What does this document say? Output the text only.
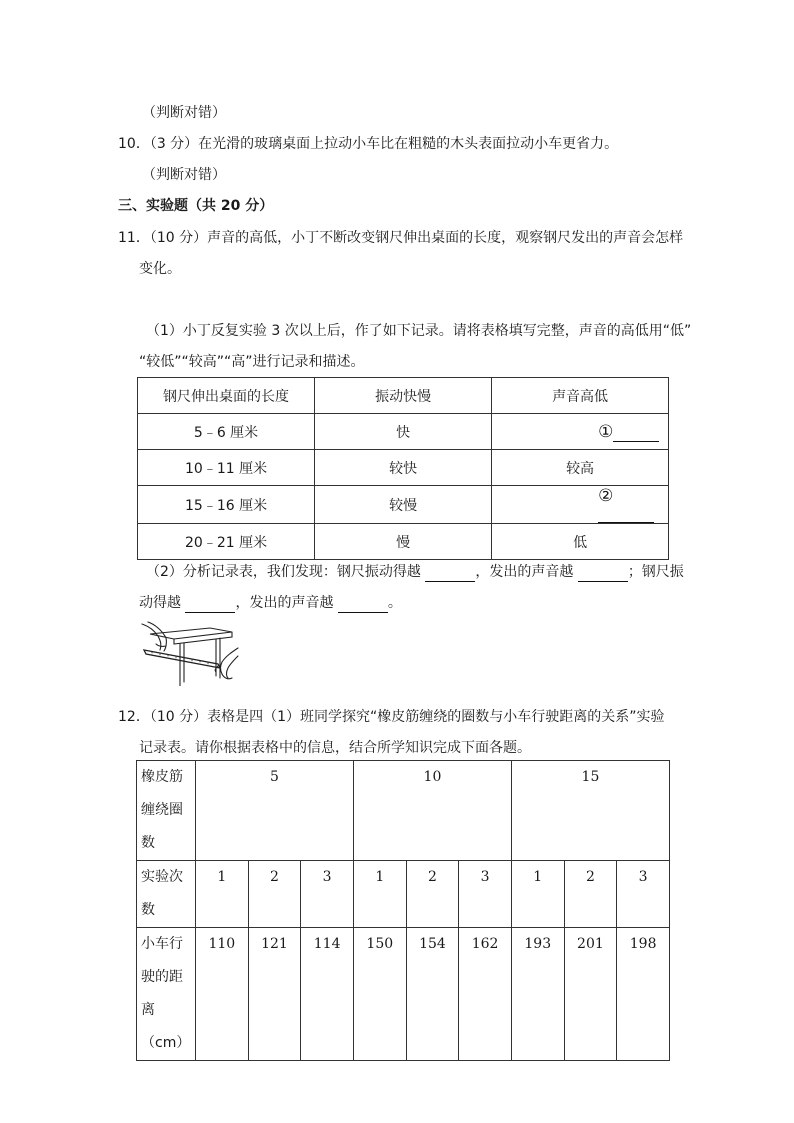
（判断对错）
10．（3 分）在光滑的玻璃桌面上拉动小车比在粗糙的木头表面拉动小车更省力。
（判断对错）
三、实验题（共 20 分）
11．（10 分）声音的高低，小丁不断改变钢尺伸出桌面的长度，观察钢尺发出的声音会怎样
变化。
（1）小丁反复实验 3 次以上后，作了如下记录。请将表格填写完整，声音的高低用“低”
“较低”“较高”“高”进行记录和描述。
钢尺伸出桌面的长度	振动快慢	声音高低
5﹣6 厘米	快	①
10﹣11 厘米	较快	较高
15﹣16 厘米	较慢	②
20﹣21 厘米	慢	低
（2）分析记录表，我们发现：钢尺振动得越	，发出的声音越	；钢尺振
动得越	，发出的声音越	。
12．（10 分）表格是四（1）班同学探究“橡皮筋缠绕的圈数与小车行驶距离的关系”实验
记录表。请你根据表格中的信息，结合所学知识完成下面各题。
橡皮筋
缠绕圈
数	5			10			15		
实验次
数	1	2	3	1	2	3	1	2	3
小车行
驶的距
离（cm）	110	121	114	150	154	162	193	201	198
